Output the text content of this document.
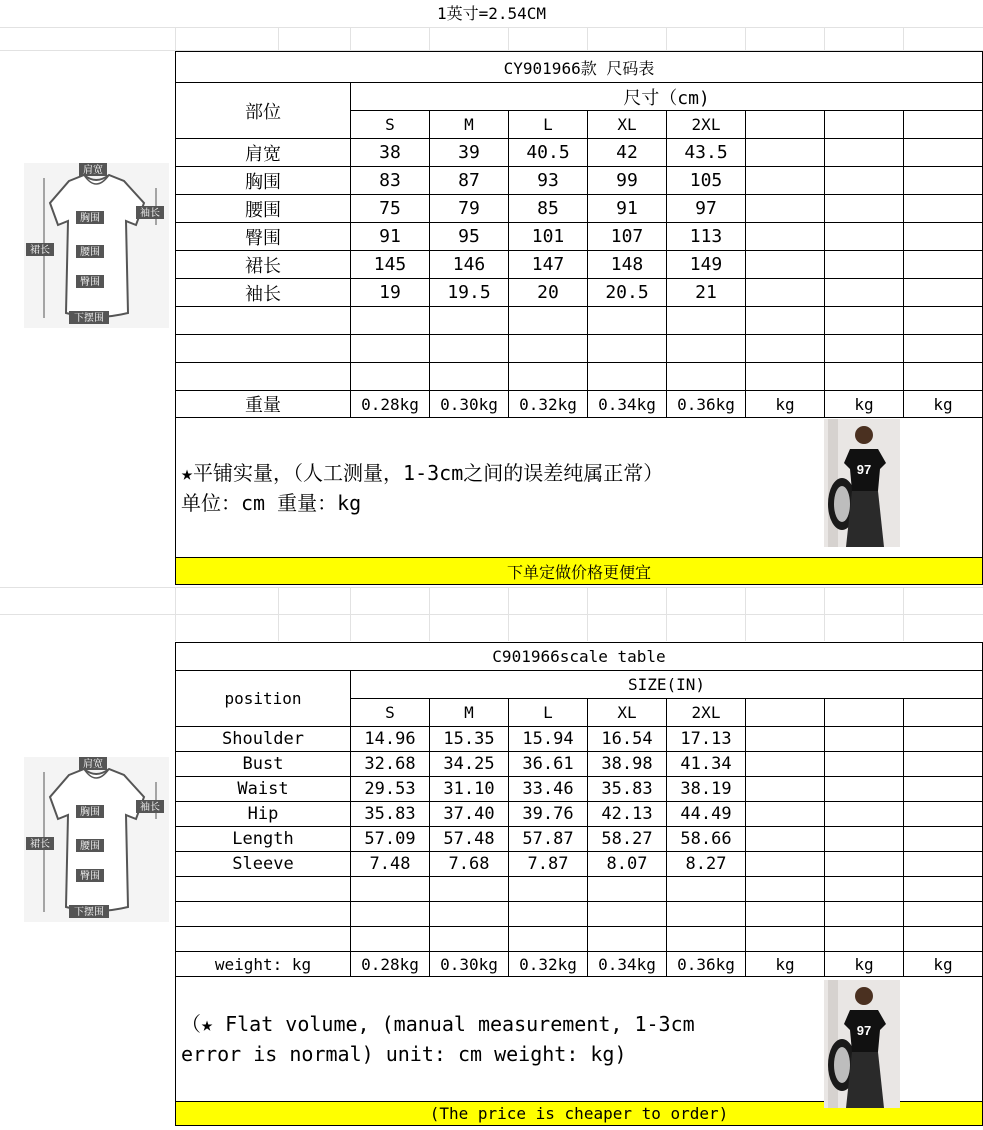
1英寸=2.54CM
CY901966款 尺码表								
部位	尺寸（cm)							
	S	M	L	XL	2XL			
肩宽	38	39	40.5	42	43.5			
胸围	83	87	93	99	105			
腰围	75	79	85	91	97			
臀围	91	95	101	107	113			
裙长	145	146	147	148	149			
袖长	19	19.5	20	20.5	21			

重量	0.28kg	0.30kg	0.32kg	0.34kg	0.36kg	kg	kg	kg

★平铺实量，（人工测量，1-3cm之间的误差纯属正常）
单位：cm 重量：kg								

下单定做价格更便宜								
C901966scale table								
position	SIZE(IN)							
	S	M	L	XL	2XL			
Shoulder	14.96	15.35	15.94	16.54	17.13			
Bust	32.68	34.25	36.61	38.98	41.34			
Waist	29.53	31.10	33.46	35.83	38.19			
Hip	35.83	37.40	39.76	42.13	44.49			
Length	57.09	57.48	57.87	58.27	58.66			
Sleeve	7.48	7.68	7.87	8.07	8.27			

weight: kg	0.28kg	0.30kg	0.32kg	0.34kg	0.36kg	kg	kg	kg

（★ Flat volume, (manual measurement, 1-3cm
error is normal) unit: cm weight: kg)								

(The price is cheaper to order)								
肩宽
胸围	袖长
裙长	腰围
臀围
下摆围
肩宽
胸围	袖长
裙长	腰围
臀围
下摆围
97
97
